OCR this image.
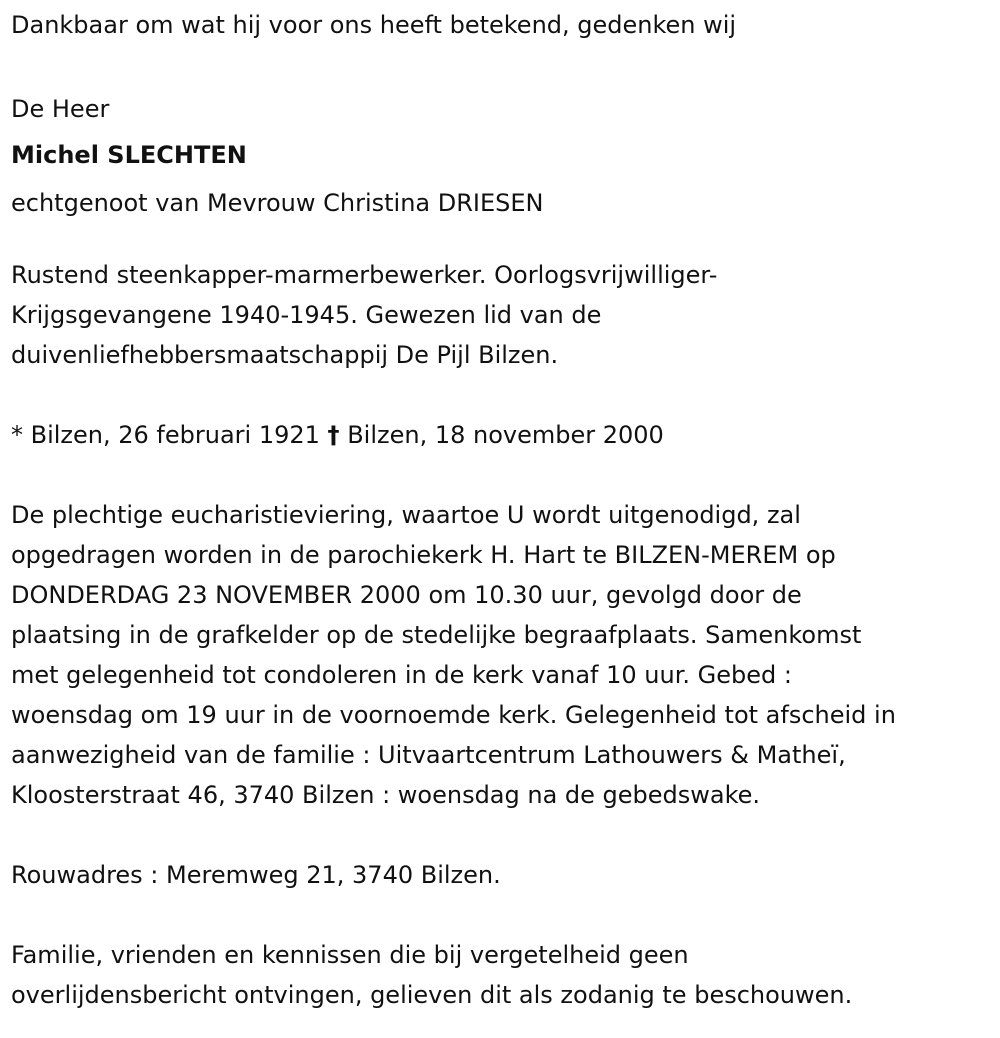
Dankbaar om wat hij voor ons heeft betekend, gedenken wij

De Heer

Michel SLECHTEN

echtgenoot van Mevrouw Christina DRIESEN

Rustend steenkapper-marmerbewerker. Oorlogsvrijwilliger-

Krijgsgevangene 1940-1945. Gewezen lid van de

duivenliefhebbersmaatschappij De Pijl Bilzen.

* Bilzen, 26 februari 1921 † Bilzen, 18 november 2000

De plechtige eucharistieviering, waartoe U wordt uitgenodigd, zal

opgedragen worden in de parochiekerk H. Hart te BILZEN-MEREM op

DONDERDAG 23 NOVEMBER 2000 om 10.30 uur, gevolgd door de

plaatsing in de grafkelder op de stedelijke begraafplaats. Samenkomst

met gelegenheid tot condoleren in de kerk vanaf 10 uur. Gebed :

woensdag om 19 uur in de voornoemde kerk. Gelegenheid tot afscheid in

aanwezigheid van de familie : Uitvaartcentrum Lathouwers & Matheï,

Kloosterstraat 46, 3740 Bilzen : woensdag na de gebedswake.

Rouwadres : Meremweg 21, 3740 Bilzen.

Familie, vrienden en kennissen die bij vergetelheid geen

overlijdensbericht ontvingen, gelieven dit als zodanig te beschouwen.
